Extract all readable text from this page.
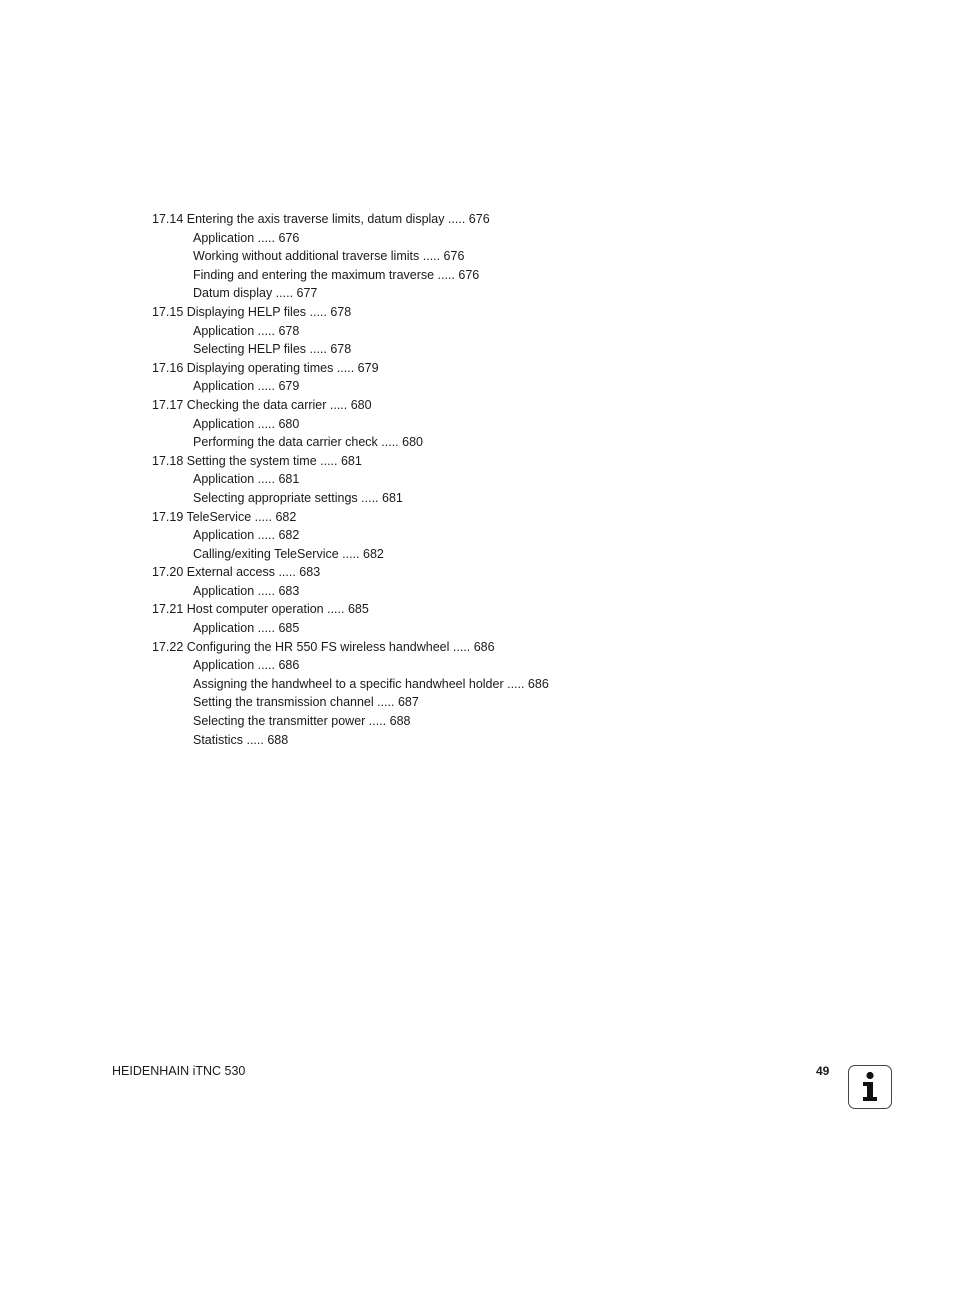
17.14 Entering the axis traverse limits, datum display ..... 676
Application ..... 676
Working without additional traverse limits ..... 676
Finding and entering the maximum traverse ..... 676
Datum display ..... 677
17.15 Displaying HELP files ..... 678
Application ..... 678
Selecting HELP files ..... 678
17.16 Displaying operating times ..... 679
Application ..... 679
17.17 Checking the data carrier ..... 680
Application ..... 680
Performing the data carrier check ..... 680
17.18 Setting the system time ..... 681
Application ..... 681
Selecting appropriate settings ..... 681
17.19 TeleService ..... 682
Application ..... 682
Calling/exiting TeleService ..... 682
17.20 External access ..... 683
Application ..... 683
17.21 Host computer operation ..... 685
Application ..... 685
17.22 Configuring the HR 550 FS wireless handwheel ..... 686
Application ..... 686
Assigning the handwheel to a specific handwheel holder ..... 686
Setting the transmission channel ..... 687
Selecting the transmitter power ..... 688
Statistics ..... 688
HEIDENHAIN iTNC 530	49
